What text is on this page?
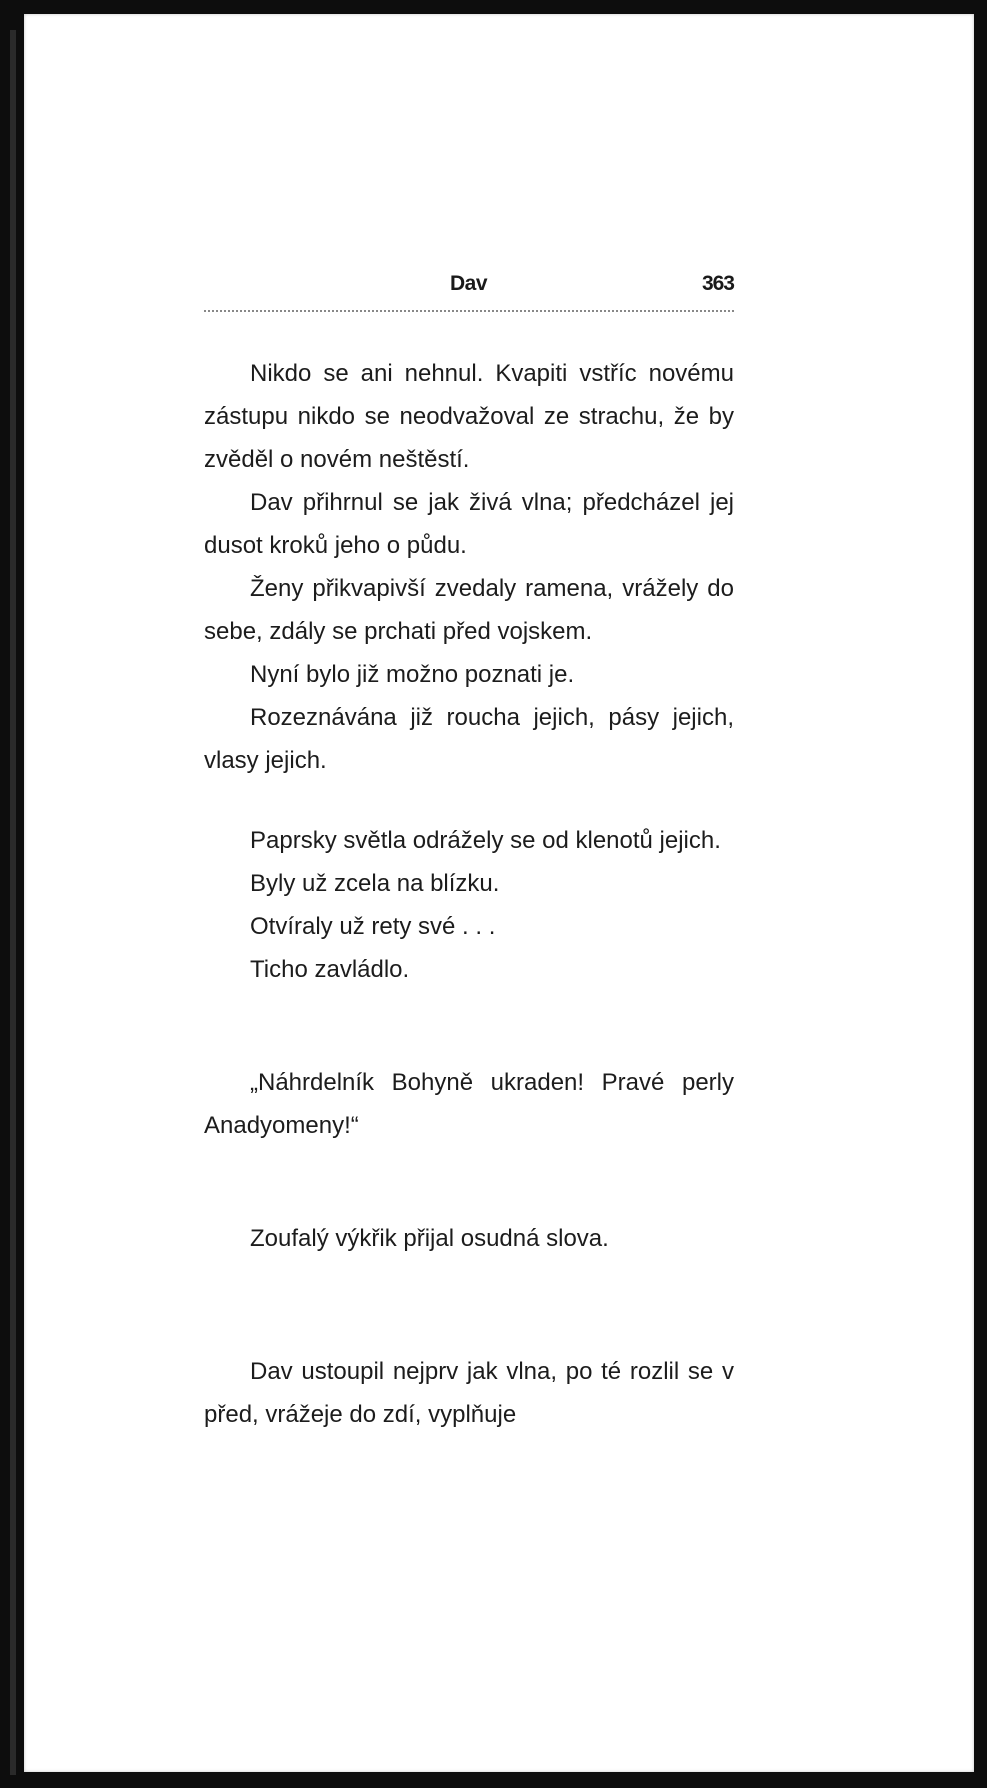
Dav	363

Nikdo se ani nehnul. Kvapiti vstříc novému zástupu nikdo se neodvažoval ze strachu, že by zvěděl o novém neštěstí.

Dav přihrnul se jak živá vlna; předcházel jej dusot kroků jeho o půdu.

Ženy přikvapivší zvedaly ramena, vrážely do sebe, zdály se prchati před vojskem.

Nyní bylo již možno poznati je.

Rozeznávána již roucha jejich, pásy jejich, vlasy jejich.

Paprsky světla odrážely se od klenotů jejich.

Byly už zcela na blízku.

Otvíraly už rety své . . .

Ticho zavládlo.

„Náhrdelník Bohyně ukraden! Pravé perly Anadyomeny!“

Zoufalý výkřik přijal osudná slova.

Dav ustoupil nejprv jak vlna, po té rozlil se v před, vrážeje do zdí, vyplňuje
